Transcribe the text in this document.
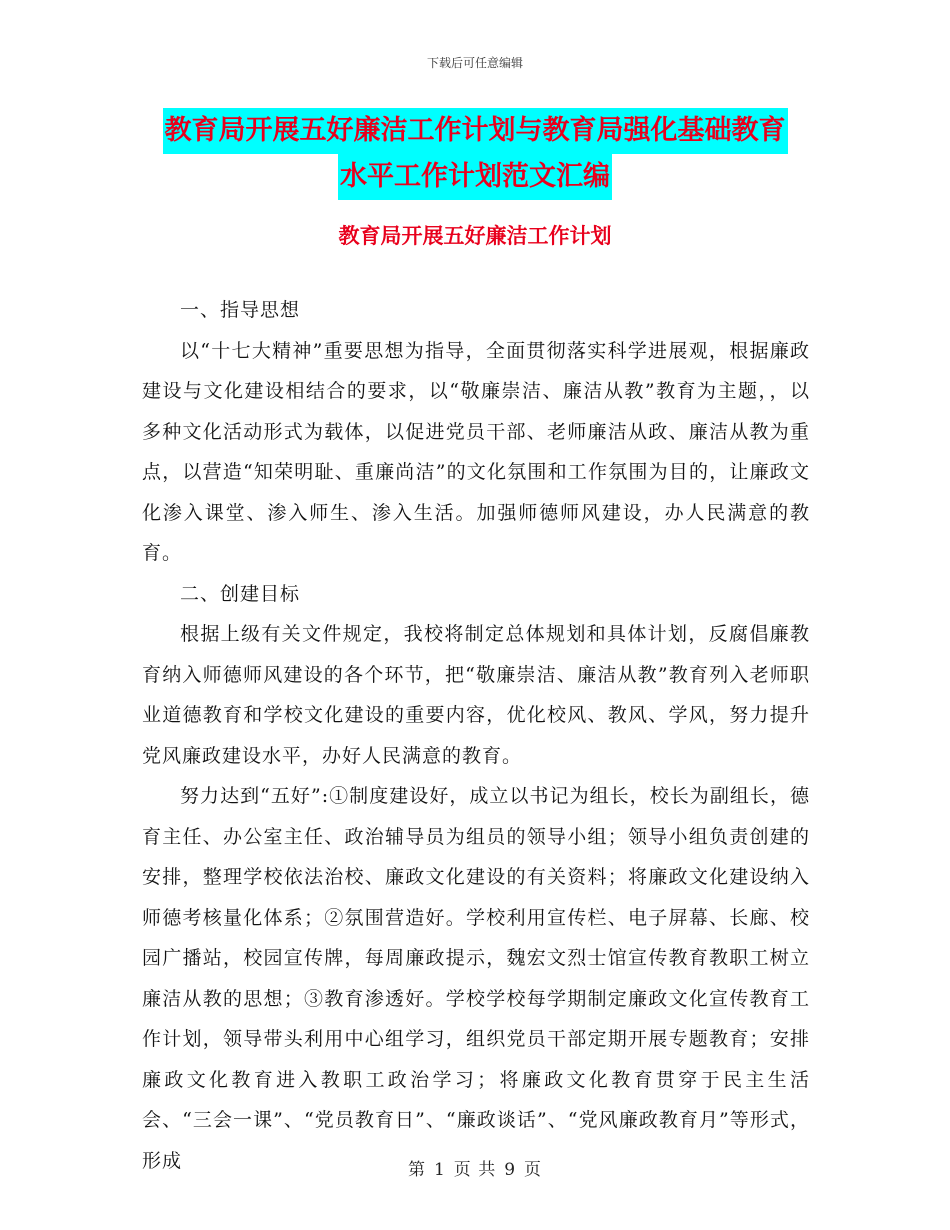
下载后可任意编辑
教育局开展五好廉洁工作计划与教育局强化基础教育
水平工作计划范文汇编
教育局开展五好廉洁工作计划

一、指导思想

以“十七大精神”重要思想为指导，全面贯彻落实科学进展观，根据廉政建设与文化建设相结合的要求，以“敬廉崇洁、廉洁从教”教育为主题，，以多种文化活动形式为载体，以促进党员干部、老师廉洁从政、廉洁从教为重点，以营造“知荣明耻、重廉尚洁”的文化氛围和工作氛围为目的，让廉政文化渗入课堂、渗入师生、渗入生活。加强师德师风建设，办人民满意的教育。

二、创建目标

根据上级有关文件规定，我校将制定总体规划和具体计划，反腐倡廉教育纳入师德师风建设的各个环节，把“敬廉崇洁、廉洁从教”教育列入老师职业道德教育和学校文化建设的重要内容，优化校风、教风、学风，努力提升党风廉政建设水平，办好人民满意的教育。

努力达到“五好”:①制度建设好，成立以书记为组长，校长为副组长，德育主任、办公室主任、政治辅导员为组员的领导小组；领导小组负责创建的安排，整理学校依法治校、廉政文化建设的有关资料；将廉政文化建设纳入师德考核量化体系；②氛围营造好。学校利用宣传栏、电子屏幕、长廊、校园广播站，校园宣传牌，每周廉政提示，魏宏文烈士馆宣传教育教职工树立廉洁从教的思想；③教育渗透好。学校学校每学期制定廉政文化宣传教育工作计划，领导带头利用中心组学习，组织党员干部定期开展专题教育；安排廉政文化教育进入教职工政治学习；将廉政文化教育贯穿于民主生活会、“三会一课”、“党员教育日”、“廉政谈话”、“党风廉政教育月”等形式，形成	第 1 页 共 9 页
